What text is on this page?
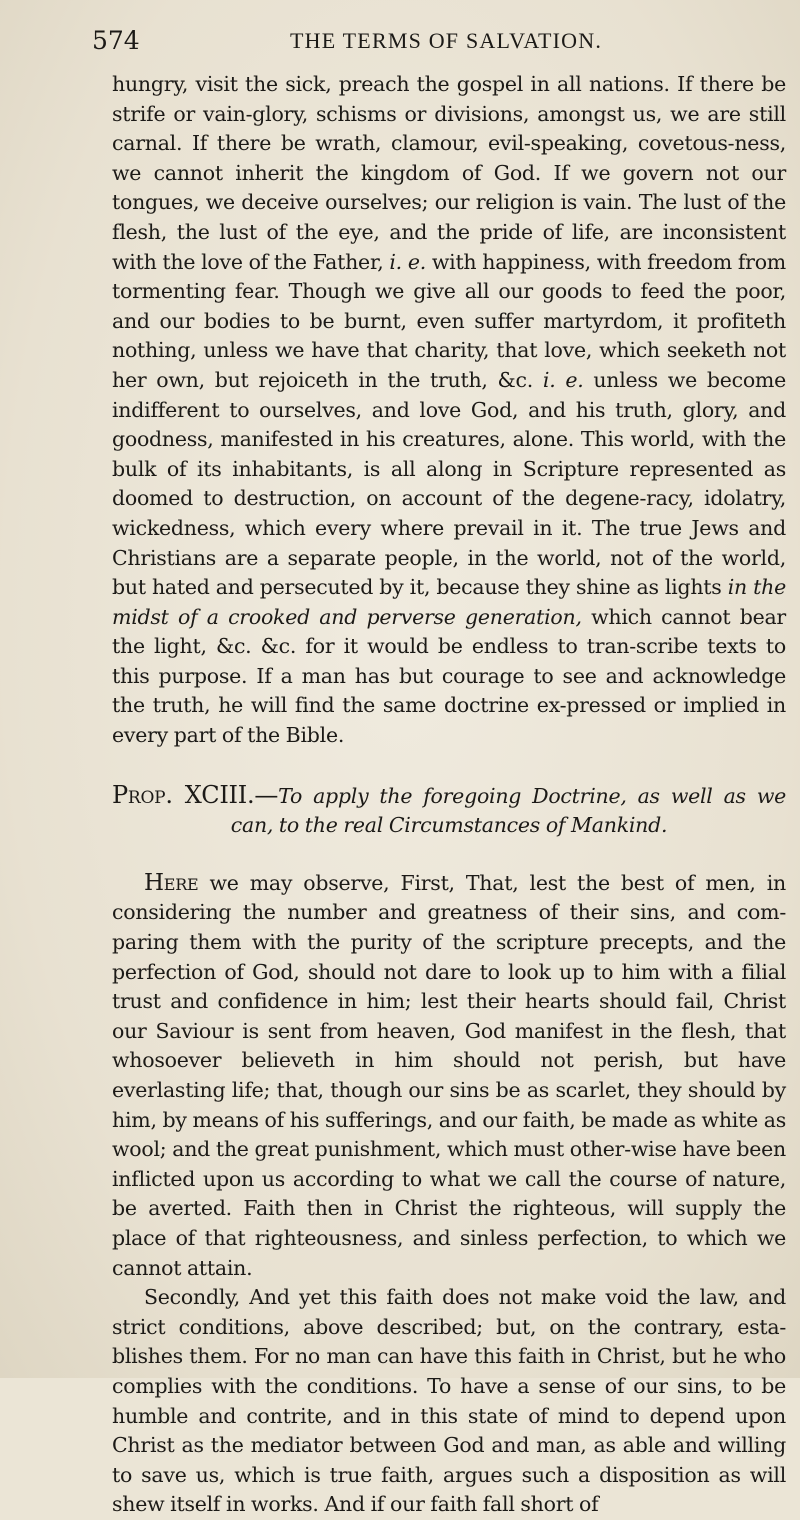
574	THE TERMS OF SALVATION.

hungry, visit the sick, preach the gospel in all nations. If there be strife or vain-glory, schisms or divisions, amongst us, we are still carnal. If there be wrath, clamour, evil-speaking, covetous-ness, we cannot inherit the kingdom of God. If we govern not our tongues, we deceive ourselves; our religion is vain. The lust of the flesh, the lust of the eye, and the pride of life, are inconsistent with the love of the Father, i. e. with happiness, with freedom from tormenting fear. Though we give all our goods to feed the poor, and our bodies to be burnt, even suffer martyrdom, it profiteth nothing, unless we have that charity, that love, which seeketh not her own, but rejoiceth in the truth, &c. i. e. unless we become indifferent to ourselves, and love God, and his truth, glory, and goodness, manifested in his creatures, alone. This world, with the bulk of its inhabitants, is all along in Scripture represented as doomed to destruction, on account of the degene-racy, idolatry, wickedness, which every where prevail in it. The true Jews and Christians are a separate people, in the world, not of the world, but hated and persecuted by it, because they shine as lights in the midst of a crooked and perverse generation, which cannot bear the light, &c. &c. for it would be endless to tran-scribe texts to this purpose. If a man has but courage to see and acknowledge the truth, he will find the same doctrine ex-pressed or implied in every part of the Bible.

Prop. XCIII.—To apply the foregoing Doctrine, as well as we

can, to the real Circumstances of Mankind.

Here we may observe, First, That, lest the best of men, in considering the number and greatness of their sins, and com-paring them with the purity of the scripture precepts, and the perfection of God, should not dare to look up to him with a filial trust and confidence in him; lest their hearts should fail, Christ our Saviour is sent from heaven, God manifest in the flesh, that whosoever believeth in him should not perish, but have everlasting life; that, though our sins be as scarlet, they should by him, by means of his sufferings, and our faith, be made as white as wool; and the great punishment, which must other-wise have been inflicted upon us according to what we call the course of nature, be averted. Faith then in Christ the righteous, will supply the place of that righteousness, and sinless perfection, to which we cannot attain.

Secondly, And yet this faith does not make void the law, and strict conditions, above described; but, on the contrary, esta-blishes them. For no man can have this faith in Christ, but he who complies with the conditions. To have a sense of our sins, to be humble and contrite, and in this state of mind to depend upon Christ as the mediator between God and man, as able and willing to save us, which is true faith, argues such a disposition as will shew itself in works. And if our faith fall short of
